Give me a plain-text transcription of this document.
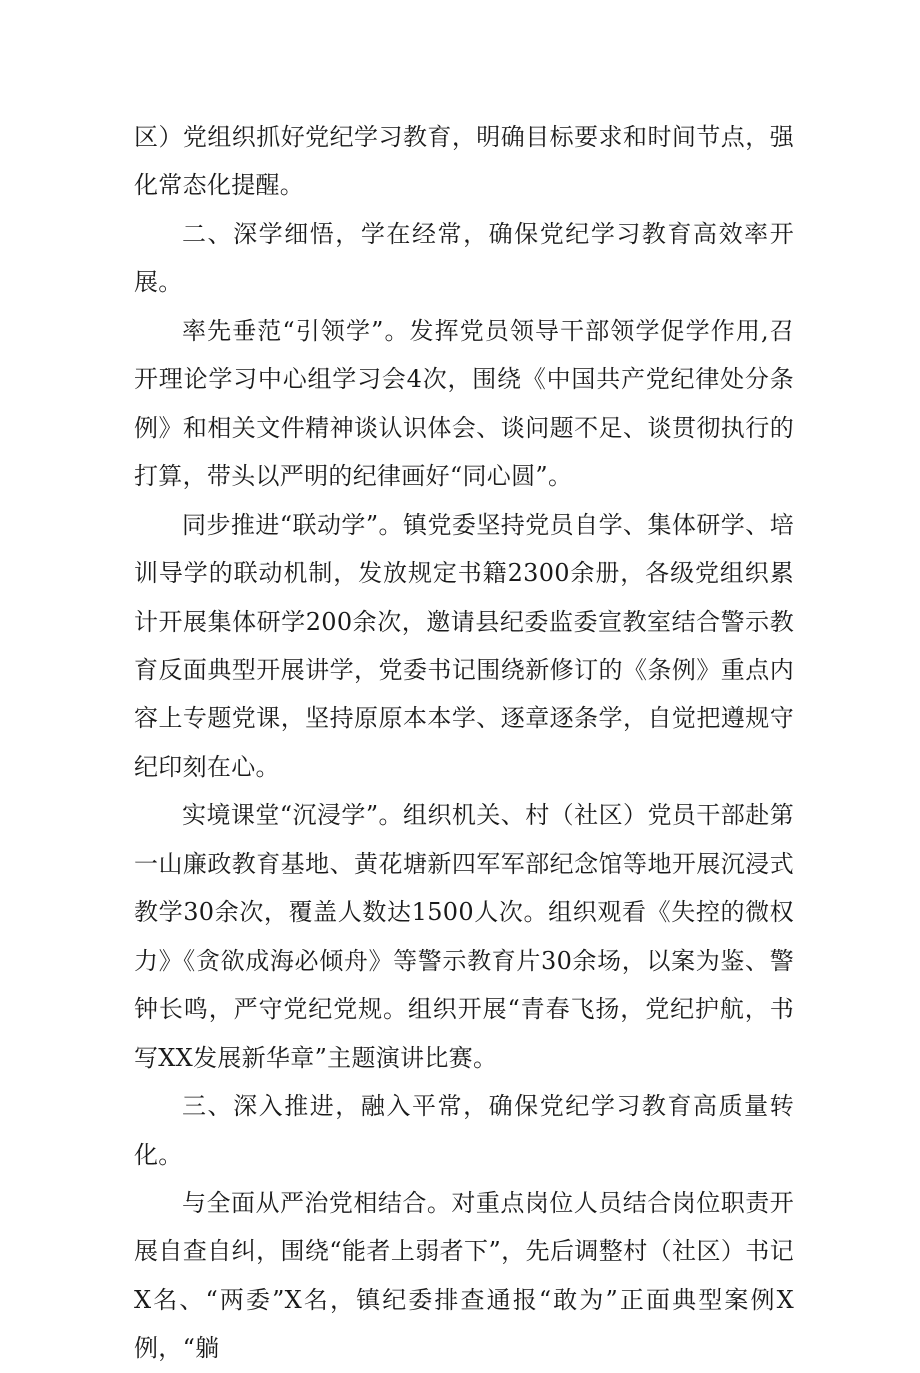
区）党组织抓好党纪学习教育，明确目标要求和时间节点，强化常态化提醒。

二、深学细悟，学在经常，确保党纪学习教育高效率开展。

率先垂范“引领学”。发挥党员领导干部领学促学作用,召开理论学习中心组学习会4次，围绕《中国共产党纪律处分条例》和相关文件精神谈认识体会、谈问题不足、谈贯彻执行的打算，带头以严明的纪律画好“同心圆”。

同步推进“联动学”。镇党委坚持党员自学、集体研学、培训导学的联动机制，发放规定书籍2300余册，各级党组织累计开展集体研学200余次，邀请县纪委监委宣教室结合警示教育反面典型开展讲学，党委书记围绕新修订的《条例》重点内容上专题党课，坚持原原本本学、逐章逐条学，自觉把遵规守纪印刻在心。

实境课堂“沉浸学”。组织机关、村（社区）党员干部赴第一山廉政教育基地、黄花塘新四军军部纪念馆等地开展沉浸式教学30余次，覆盖人数达1500人次。组织观看《失控的微权力》《贪欲成海必倾舟》等警示教育片30余场，以案为鉴、警钟长鸣，严守党纪党规。组织开展“青春飞扬，党纪护航，书写XX发展新华章”主题演讲比赛。

三、深入推进，融入平常，确保党纪学习教育高质量转化。

与全面从严治党相结合。对重点岗位人员结合岗位职责开展自查自纠，围绕“能者上弱者下”，先后调整村（社区）书记X名、“两委”X名，镇纪委排查通报“敢为”正面典型案例X例，“躺
